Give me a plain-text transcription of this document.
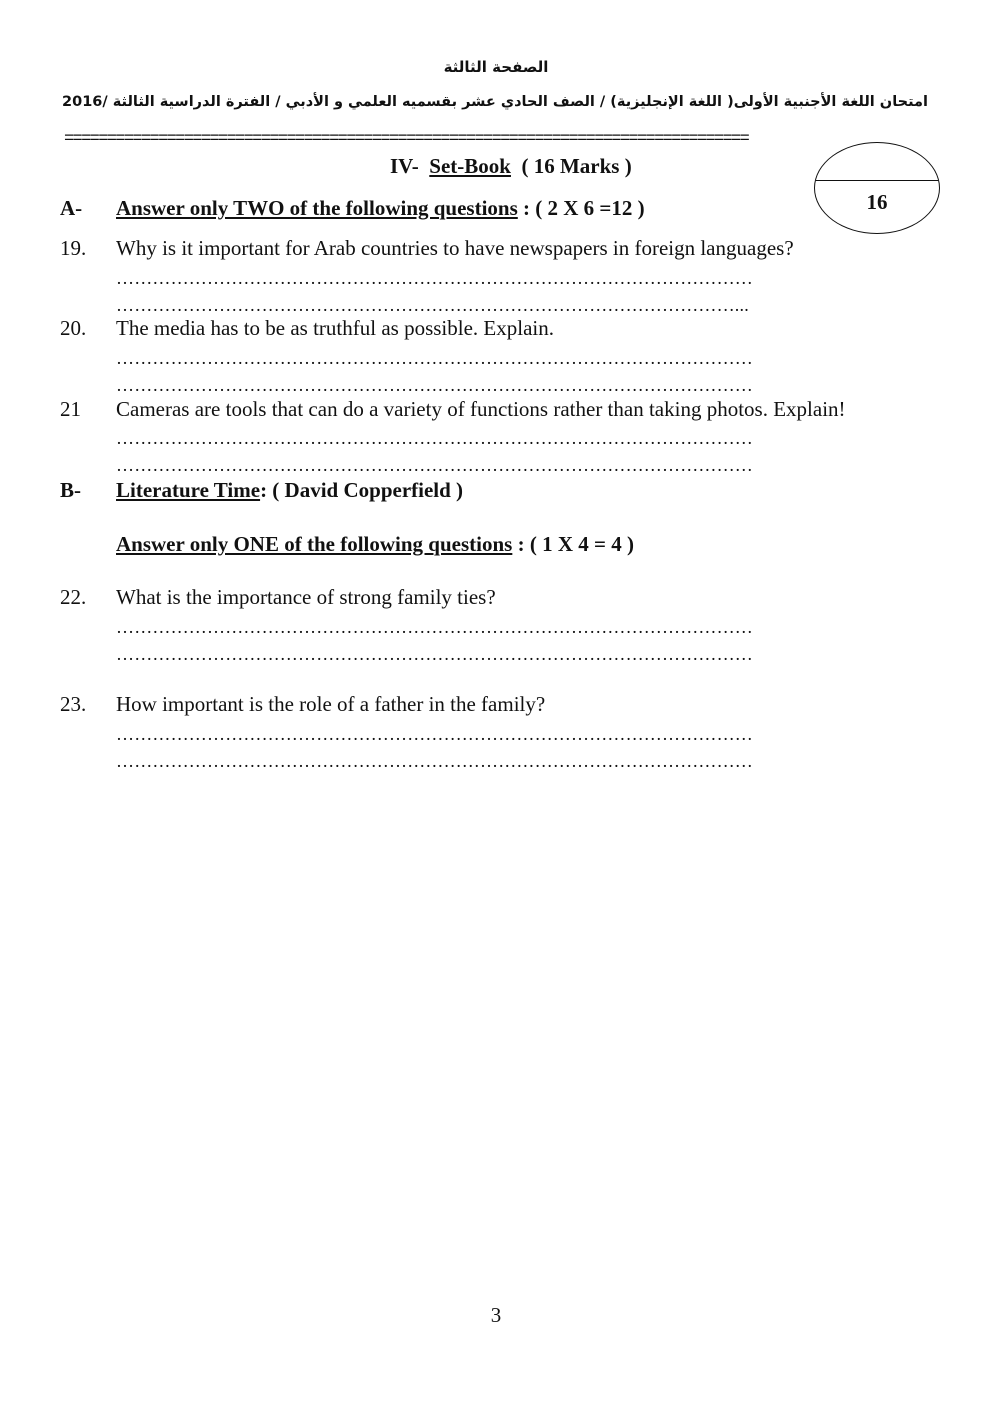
الصفحة الثالثة
امتحان اللغة الأجنبية الأولى( اللغة الإنجليزية) / الصف الحادي عشر بقسميه العلمي و الأدبي / الفترة الدراسية الثالثة /2016
================================================================================
IV- Set-Book ( 16 Marks )
16
A- Answer only TWO of the following questions : ( 2 X 6 =12 )
19. Why is it important for Arab countries to have newspapers in foreign languages?
……………………………………………………………………………………………
…………………………………………………………………………………………...
20. The media has to be as truthful as possible. Explain.
……………………………………………………………………………………………
……………………………………………………………………………………………
21 Cameras are tools that can do a variety of functions rather than taking photos. Explain!
……………………………………………………………………………………………
……………………………………………………………………………………………
B- Literature Time: ( David Copperfield )
Answer only ONE of the following questions : ( 1 X 4 = 4 )
22. What is the importance of strong family ties?
……………………………………………………………………………………………
……………………………………………………………………………………………
23. How important is the role of a father in the family?
……………………………………………………………………………………………
……………………………………………………………………………………………
3
